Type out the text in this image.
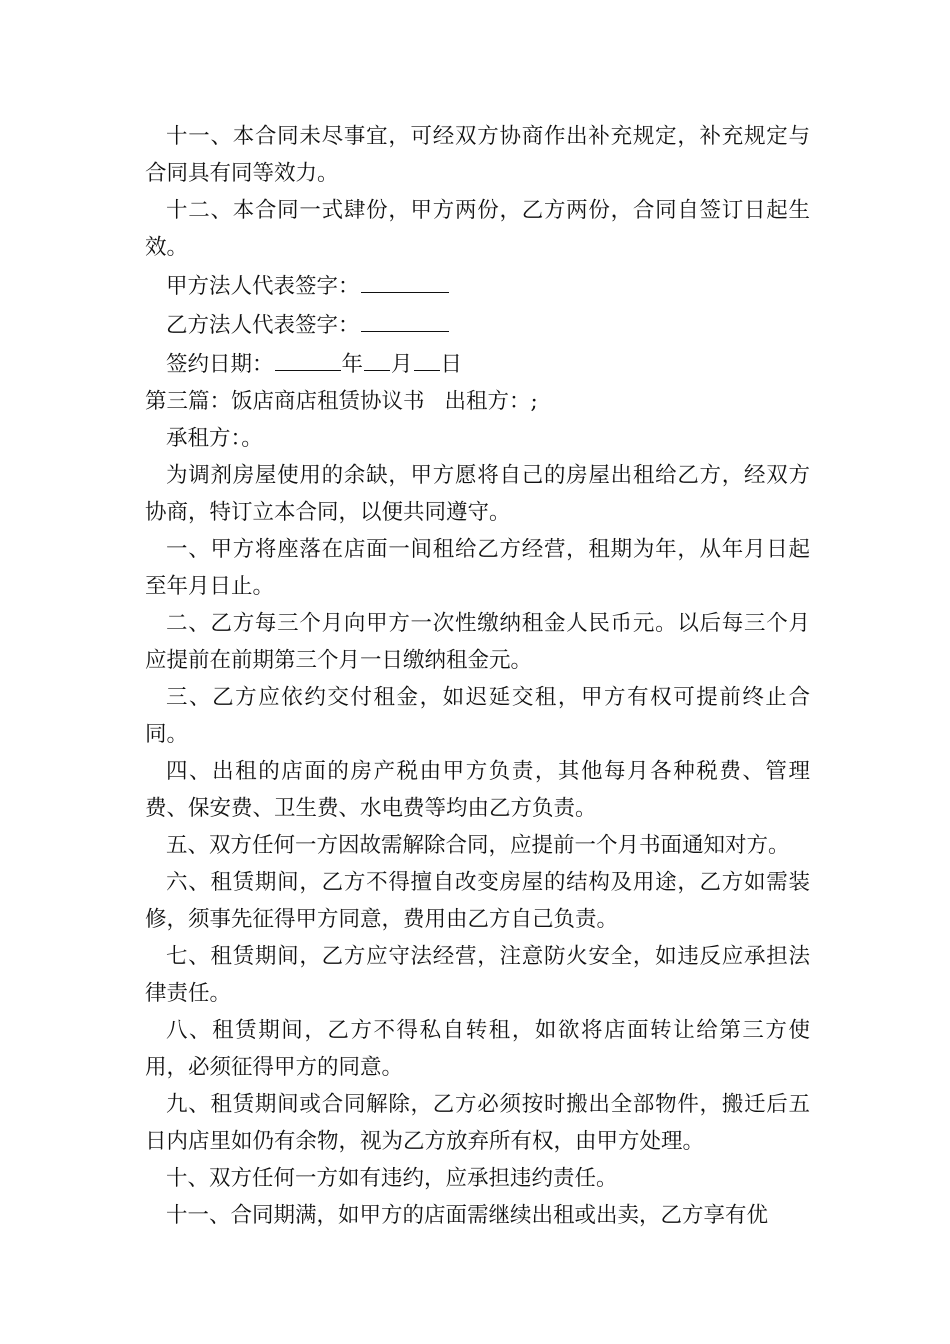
十一、本合同未尽事宜，可经双方协商作出补充规定，补充规定与合同具有同等效力。

十二、本合同一式肆份，甲方两份，乙方两份，合同自签订日起生效。

甲方法人代表签字：

乙方法人代表签字：

签约日期：	年 月 日

第三篇：饭店商店租赁协议书 出租方：;

承租方：。

为调剂房屋使用的余缺，甲方愿将自己的房屋出租给乙方，经双方协商，特订立本合同，以便共同遵守。

一、甲方将座落在店面一间租给乙方经营，租期为年，从年月日起至年月日止。

二、乙方每三个月向甲方一次性缴纳租金人民币元。以后每三个月应提前在前期第三个月一日缴纳租金元。

三、乙方应依约交付租金，如迟延交租，甲方有权可提前终止合同。

四、出租的店面的房产税由甲方负责，其他每月各种税费、管理费、保安费、卫生费、水电费等均由乙方负责。

五、双方任何一方因故需解除合同，应提前一个月书面通知对方。

六、租赁期间，乙方不得擅自改变房屋的结构及用途，乙方如需装修，须事先征得甲方同意，费用由乙方自己负责。

七、租赁期间，乙方应守法经营，注意防火安全，如违反应承担法律责任。

八、租赁期间，乙方不得私自转租，如欲将店面转让给第三方使用，必须征得甲方的同意。

九、租赁期间或合同解除，乙方必须按时搬出全部物件，搬迁后五日内店里如仍有余物，视为乙方放弃所有权，由甲方处理。

十、双方任何一方如有违约，应承担违约责任。

十一、合同期满，如甲方的店面需继续出租或出卖，乙方享有优
